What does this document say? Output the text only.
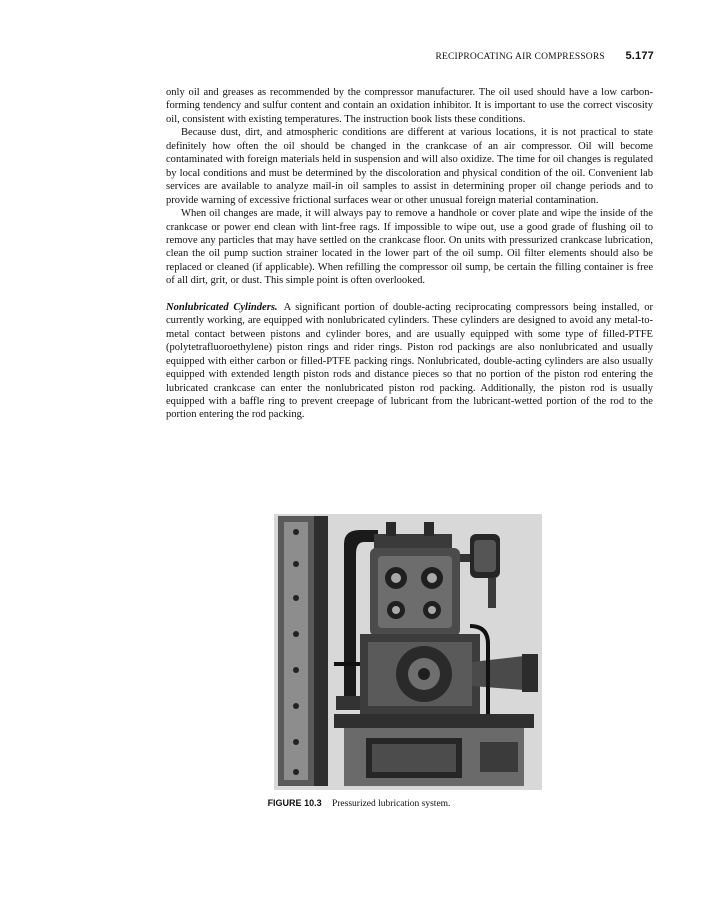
RECIPROCATING AIR COMPRESSORS 5.177

only oil and greases as recommended by the compressor manufacturer. The oil used should have a low carbon-forming tendency and sulfur content and contain an oxidation inhibitor. It is important to use the correct viscosity oil, consistent with existing temperatures. The instruction book lists these conditions.

Because dust, dirt, and atmospheric conditions are different at various locations, it is not practical to state definitely how often the oil should be changed in the crankcase of an air compressor. Oil will become contaminated with foreign materials held in suspension and will also oxidize. The time for oil changes is regulated by local conditions and must be determined by the discoloration and physical condition of the oil. Convenient lab services are available to analyze mail-in oil samples to assist in determining proper oil change periods and to provide warning of excessive frictional surfaces wear or other unusual foreign material contamination.

When oil changes are made, it will always pay to remove a handhole or cover plate and wipe the inside of the crankcase or power end clean with lint-free rags. If impossible to wipe out, use a good grade of flushing oil to remove any particles that may have settled on the crankcase floor. On units with pressurized crankcase lubrication, clean the oil pump suction strainer located in the lower part of the oil sump. Oil filter elements should also be replaced or cleaned (if applicable). When refilling the compressor oil sump, be certain the filling container is free of all dirt, grit, or dust. This simple point is often overlooked.

Nonlubricated Cylinders. A significant portion of double-acting reciprocating compressors being installed, or currently working, are equipped with nonlubricated cylinders. These cylinders are designed to avoid any metal-to-metal contact between pistons and cylinder bores, and are usually equipped with some type of filled-PTFE (polytetrafluoroethylene) piston rings and rider rings. Piston rod packings are also nonlubricated and usually equipped with either carbon or filled-PTFE packing rings. Nonlubricated, double-acting cylinders are also usually equipped with extended length piston rods and distance pieces so that no portion of the piston rod entering the lubricated crankcase can enter the nonlubricated piston rod packing. Additionally, the piston rod is usually equipped with a baffle ring to prevent creepage of lubricant from the lubricant-wetted portion of the rod to the portion entering the rod packing.

FIGURE 10.3 Pressurized lubrication system.
